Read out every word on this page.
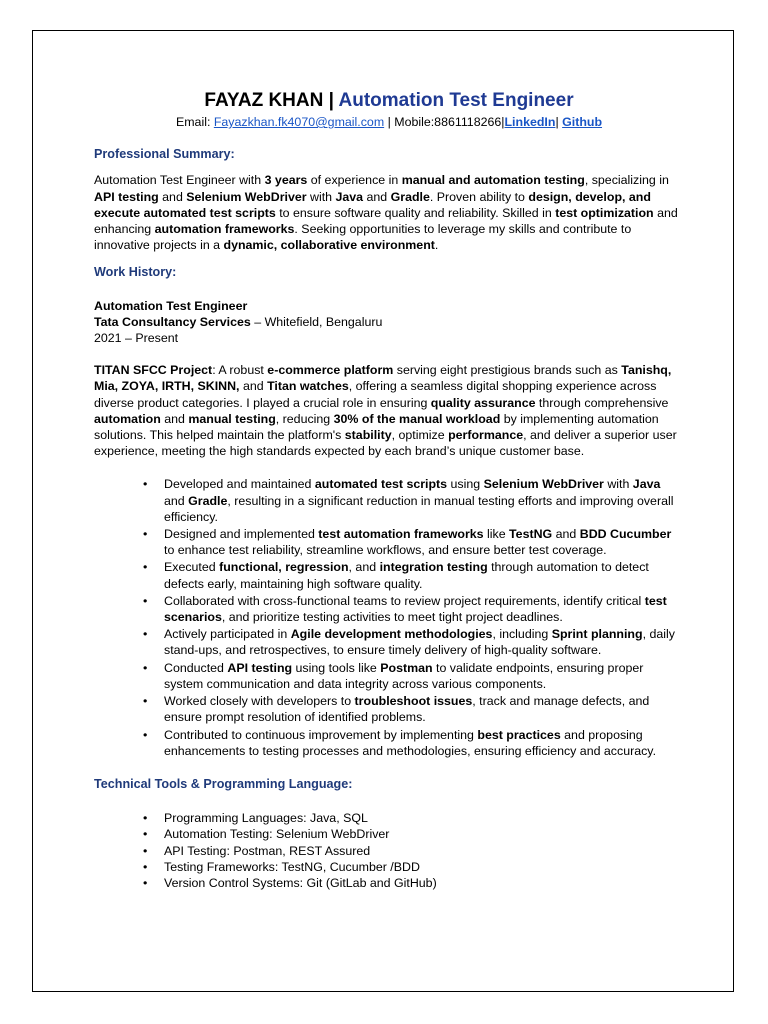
FAYAZ KHAN | Automation Test Engineer
Email: Fayazkhan.fk4070@gmail.com | Mobile:8861118266|LinkedIn| Github
Professional Summary:

Automation Test Engineer with 3 years of experience in manual and automation testing, specializing in API testing and Selenium WebDriver with Java and Gradle. Proven ability to design, develop, and execute automated test scripts to ensure software quality and reliability. Skilled in test optimization and enhancing automation frameworks. Seeking opportunities to leverage my skills and contribute to innovative projects in a dynamic, collaborative environment.

Work History:
Automation Test Engineer
Tata Consultancy Services – Whitefield, Bengaluru
2021 – Present

TITAN SFCC Project: A robust e-commerce platform serving eight prestigious brands such as Tanishq, Mia, ZOYA, IRTH, SKINN, and Titan watches, offering a seamless digital shopping experience across diverse product categories. I played a crucial role in ensuring quality assurance through comprehensive automation and manual testing, reducing 30% of the manual workload by implementing automation solutions. This helped maintain the platform's stability, optimize performance, and deliver a superior user experience, meeting the high standards expected by each brand’s unique customer base.

• Developed and maintained automated test scripts using Selenium WebDriver with Java and Gradle, resulting in a significant reduction in manual testing efforts and improving overall efficiency.
• Designed and implemented test automation frameworks like TestNG and BDD Cucumber to enhance test reliability, streamline workflows, and ensure better test coverage.
• Executed functional, regression, and integration testing through automation to detect defects early, maintaining high software quality.
• Collaborated with cross-functional teams to review project requirements, identify critical test scenarios, and prioritize testing activities to meet tight project deadlines.
• Actively participated in Agile development methodologies, including Sprint planning, daily stand-ups, and retrospectives, to ensure timely delivery of high-quality software.
• Conducted API testing using tools like Postman to validate endpoints, ensuring proper system communication and data integrity across various components.
• Worked closely with developers to troubleshoot issues, track and manage defects, and ensure prompt resolution of identified problems.
• Contributed to continuous improvement by implementing best practices and proposing enhancements to testing processes and methodologies, ensuring efficiency and accuracy.
Technical Tools & Programming Language:
• Programming Languages: Java, SQL
• Automation Testing: Selenium WebDriver
• API Testing: Postman, REST Assured
• Testing Frameworks: TestNG, Cucumber /BDD
• Version Control Systems: Git (GitLab and GitHub)
